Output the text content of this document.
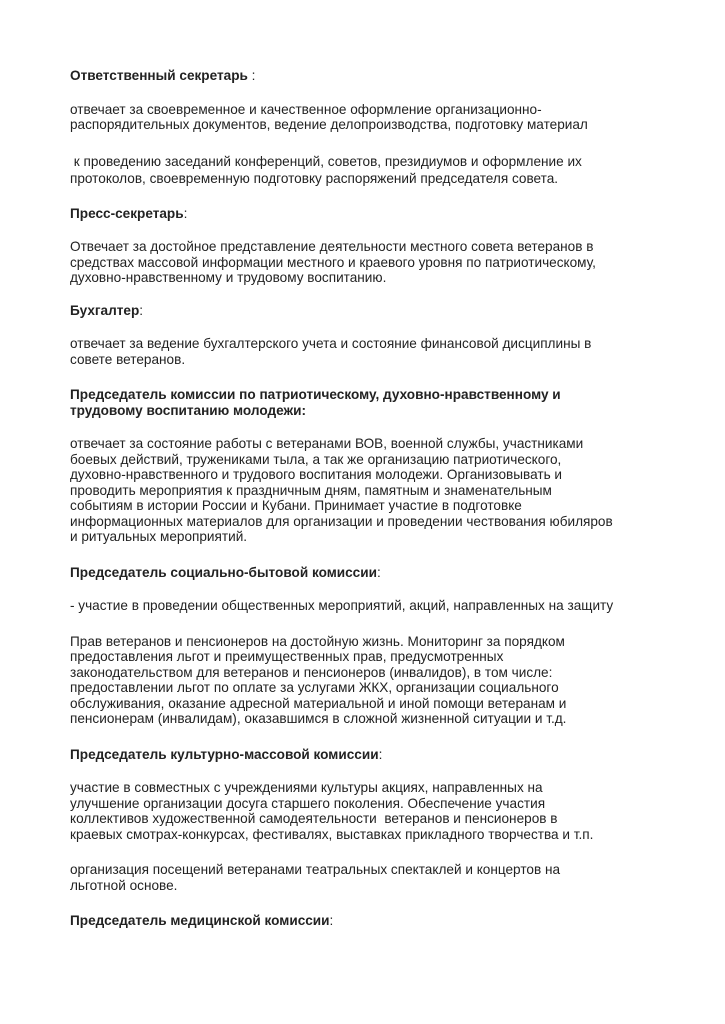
Ответственный секретарь :

отвечает за своевременное и качественное оформление организационно-
распорядительных документов, ведение делопроизводства, подготовку материал

к проведению заседаний конференций, советов, президиумов и оформление их
протоколов, своевременную подготовку распоряжений председателя совета.

Пресс-секретарь:

Отвечает за достойное представление деятельности местного совета ветеранов в
средствах массовой информации местного и краевого уровня по патриотическому,
духовно-нравственному и трудовому воспитанию.

Бухгалтер:

отвечает за ведение бухгалтерского учета и состояние финансовой дисциплины в
совете ветеранов.

Председатель комиссии по патриотическому, духовно-нравственному и
трудовому воспитанию молодежи:

отвечает за состояние работы с ветеранами ВОВ, военной службы, участниками
боевых действий, тружениками тыла, а так же организацию патриотического,
духовно-нравственного и трудового воспитания молодежи. Организовывать и
проводить мероприятия к праздничным дням, памятным и знаменательным
событиям в истории России и Кубани. Принимает участие в подготовке
информационных материалов для организации и проведении чествования юбиляров
и ритуальных мероприятий.

Председатель социально-бытовой комиссии:

- участие в проведении общественных мероприятий, акций, направленных на защиту

Прав ветеранов и пенсионеров на достойную жизнь. Мониторинг за порядком
предоставления льгот и преимущественных прав, предусмотренных
законодательством для ветеранов и пенсионеров (инвалидов), в том числе:
предоставлении льгот по оплате за услугами ЖКХ, организации социального
обслуживания, оказание адресной материальной и иной помощи ветеранам и
пенсионерам (инвалидам), оказавшимся в сложной жизненной ситуации и т.д.

Председатель культурно-массовой комиссии:

участие в совместных с учреждениями культуры акциях, направленных на
улучшение организации досуга старшего поколения. Обеспечение участия
коллективов художественной самодеятельности  ветеранов и пенсионеров в
краевых смотрах-конкурсах, фестивалях, выставках прикладного творчества и т.п.

организация посещений ветеранами театральных спектаклей и концертов на
льготной основе.

Председатель медицинской комиссии:
